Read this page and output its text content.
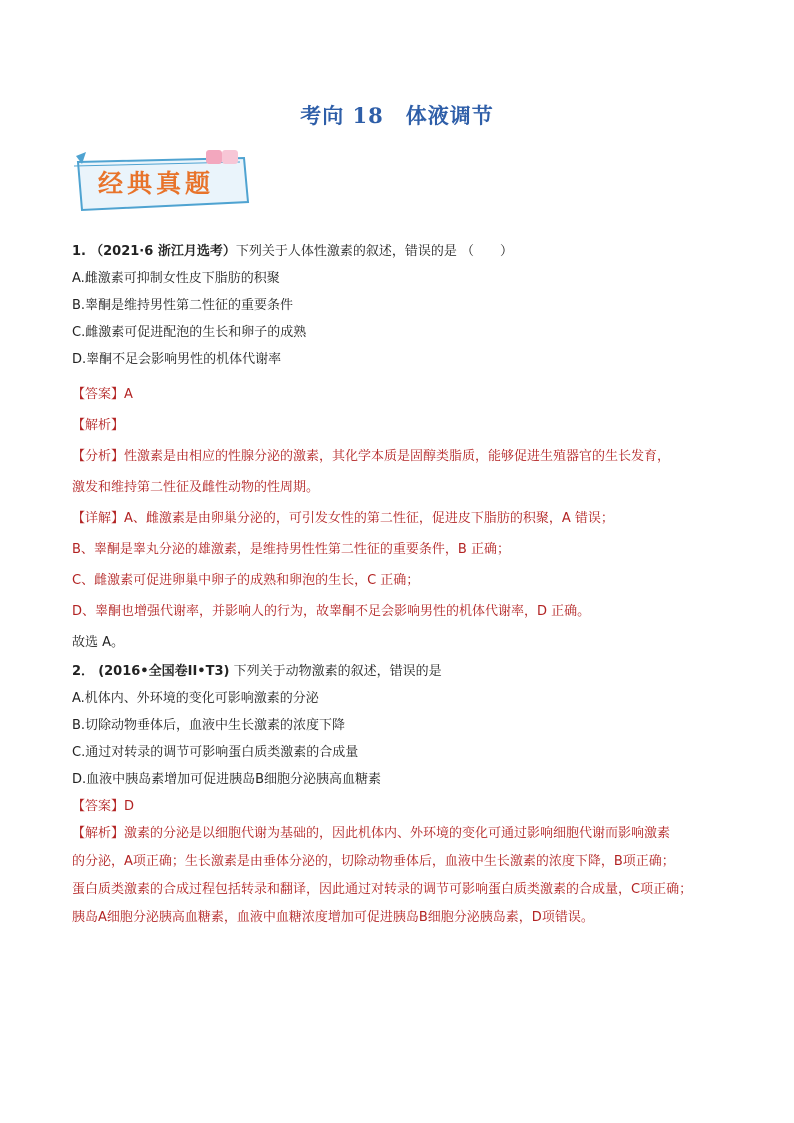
考向 18　体液调节
经典真题
1. （2021·6 浙江月选考）下列关于人体性激素的叙述，错误的是 （　　）
A.雌激素可抑制女性皮下脂肪的积聚
B.睾酮是维持男性第二性征的重要条件
C.雌激素可促进配泡的生长和卵子的成熟
D.睾酮不足会影响男性的机体代谢率
【答案】A
【解析】
【分析】性激素是由相应的性腺分泌的激素，其化学本质是固醇类脂质，能够促进生殖器官的生长发育，
激发和维持第二性征及雌性动物的性周期。
【详解】A、雌激素是由卵巢分泌的，可引发女性的第二性征，促进皮下脂肪的积聚，A 错误；
B、睾酮是睾丸分泌的雄激素，是维持男性性第二性征的重要条件，B 正确；
C、雌激素可促进卵巢中卵子的成熟和卵泡的生长，C 正确；
D、睾酮也增强代谢率，并影响人的行为，故睾酮不足会影响男性的机体代谢率，D 正确。
故选 A。
2． (2016•全国卷II•T3) 下列关于动物激素的叙述，错误的是
A.机体内、外环境的变化可影响激素的分泌
B.切除动物垂体后，血液中生长激素的浓度下降
C.通过对转录的调节可影响蛋白质类激素的合成量
D.血液中胰岛素增加可促进胰岛B细胞分泌胰高血糖素
【答案】D
【解析】激素的分泌是以细胞代谢为基础的，因此机体内、外环境的变化可通过影响细胞代谢而影响激素
的分泌，A项正确；生长激素是由垂体分泌的，切除动物垂体后，血液中生长激素的浓度下降，B项正确；
蛋白质类激素的合成过程包括转录和翻译，因此通过对转录的调节可影响蛋白质类激素的合成量，C项正确；
胰岛A细胞分泌胰高血糖素，血液中血糖浓度增加可促进胰岛B细胞分泌胰岛素，D项错误。
